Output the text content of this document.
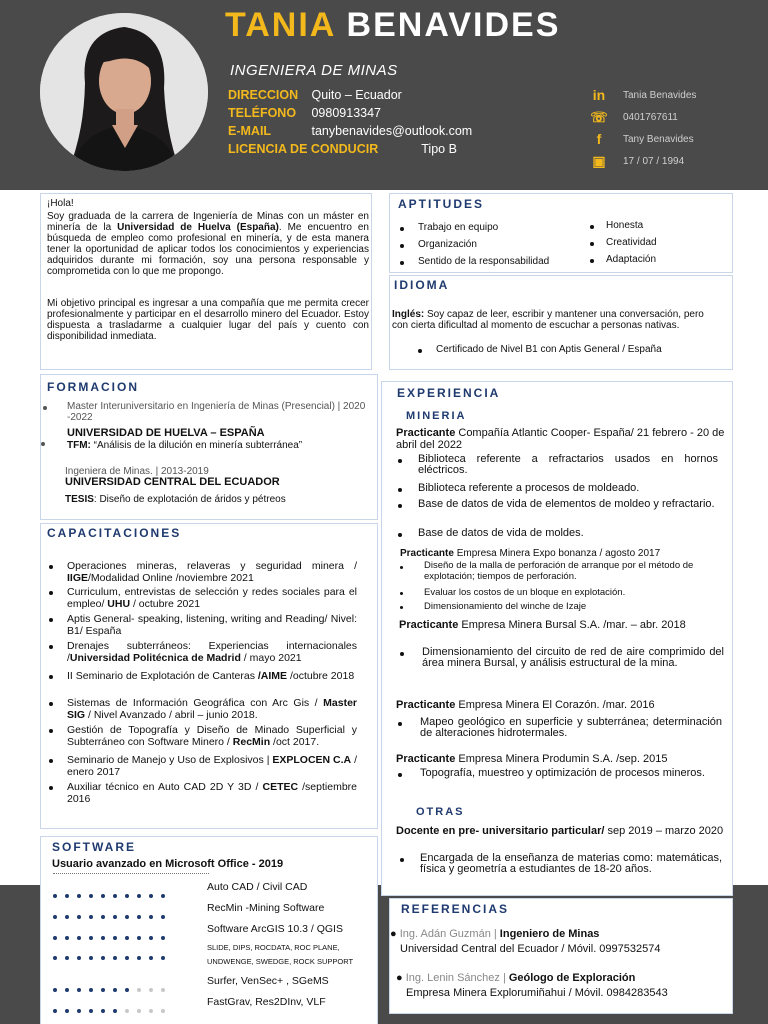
TANIA BENAVIDES
INGENIERA DE MINAS
DIRECCION Quito – Ecuador
TELÉFONO 0980913347
E-MAIL	tanybenavides@outlook.com
LICENCIA DE CONDUCIR	Tipo B
in	Tania Benavides
☏ 0401767611
f	Tany Benavides
▣	17 / 07 / 1994
¡Hola!
Soy graduada de la carrera de Ingeniería de Minas con un máster en minería de la Universidad de Huelva (España). Me encuentro en búsqueda de empleo como profesional en minería, y de esta manera tener la oportunidad de aplicar todos los conocimientos y experiencias adquiridos durante mi formación, soy una persona responsable y comprometida con lo que me propongo.
Mi objetivo principal es ingresar a una compañía que me permita crecer profesionalmente y participar en el desarrollo minero del Ecuador. Estoy dispuesta a trasladarme a cualquier lugar del país y cuento con disponibilidad inmediata.
APTITUDES
Trabajo en equipo
Organización
Sentido de la responsabilidad
Honesta
Creatividad
Adaptación
IDIOMA
Inglés: Soy capaz de leer, escribir y mantener una conversación, pero con cierta dificultad al momento de escuchar a personas nativas.
Certificado de Nivel B1 con Aptis General / España
FORMACION
Master Interuniversitario en Ingeniería de Minas (Presencial) | 2020 -2022
UNIVERSIDAD DE HUELVA – ESPAÑA
TFM: “Análisis de la dilución en minería subterránea”
Ingeniera de Minas. | 2013-2019
UNIVERSIDAD CENTRAL DEL ECUADOR
TESIS: Diseño de explotación de áridos y pétreos
CAPACITACIONES
Operaciones mineras, relaveras y seguridad minera / IIGE/Modalidad Online /noviembre 2021
Curriculum, entrevistas de selección y redes sociales para el empleo/ UHU / octubre 2021
Aptis General- speaking, listening, writing and Reading/ Nivel: B1/ España
Drenajes subterráneos: Experiencias internacionales /Universidad Politécnica de Madrid / mayo 2021
II Seminario de Explotación de Canteras /AIME /octubre 2018
Sistemas de Información Geográfica con Arc Gis / Master SIG / Nivel Avanzado / abril – junio 2018.
Gestión de Topografía y Diseño de Minado Superficial y Subterráneo con Software Minero / RecMin /oct 2017.
Seminario de Manejo y Uso de Explosivos | EXPLOCEN C.A / enero 2017
Auxiliar técnico en Auto CAD 2D Y 3D / CETEC /septiembre 2016
SOFTWARE
Usuario avanzado en Microsoft Office - 2019
Auto CAD / Civil CAD
RecMin -Mining Software
Software ArcGIS 10.3 / QGIS
SLIDE, DIPS, ROCDATA, ROC PLANE, UNDWENGE, SWEDGE, ROCK SUPPORT
Surfer, VenSec+ , SGeMS
FastGrav, Res2DInv, VLF
EXPERIENCIA
MINERIA
Practicante Compañía Atlantic Cooper- España/ 21 febrero - 20 de abril del 2022
Biblioteca referente a refractarios usados en hornos eléctricos.
Biblioteca referente a procesos de moldeado.
Base de datos de vida de elementos de moldeo y refractario.
Base de datos de vida de moldes.
Practicante Empresa Minera Expo bonanza / agosto 2017
Diseño de la malla de perforación de arranque por el método de explotación; tiempos de perforación.
Evaluar los costos de un bloque en explotación.
Dimensionamiento del winche de Izaje
Practicante Empresa Minera Bursal S.A. /mar. – abr. 2018
Dimensionamiento del circuito de red de aire comprimido del área minera Bursal, y análisis estructural de la mina.
Practicante Empresa Minera El Corazón. /mar. 2016
Mapeo geológico en superficie y subterránea; determinación de alteraciones hidrotermales.
Practicante Empresa Minera Produmin S.A. /sep. 2015
Topografía, muestreo y optimización de procesos mineros.
OTRAS
Docente en pre- universitario particular/ sep 2019 – marzo 2020
Encargada de la enseñanza de materias como: matemáticas, física y geometría a estudiantes de 18-20 años.
REFERENCIAS
● Ing. Adán Guzmán | Ingeniero de Minas
Universidad Central del Ecuador / Móvil. 0997532574
● Ing. Lenin Sánchez | Geólogo de Exploración
Empresa Minera Explorumiñahui / Móvil. 0984283543
